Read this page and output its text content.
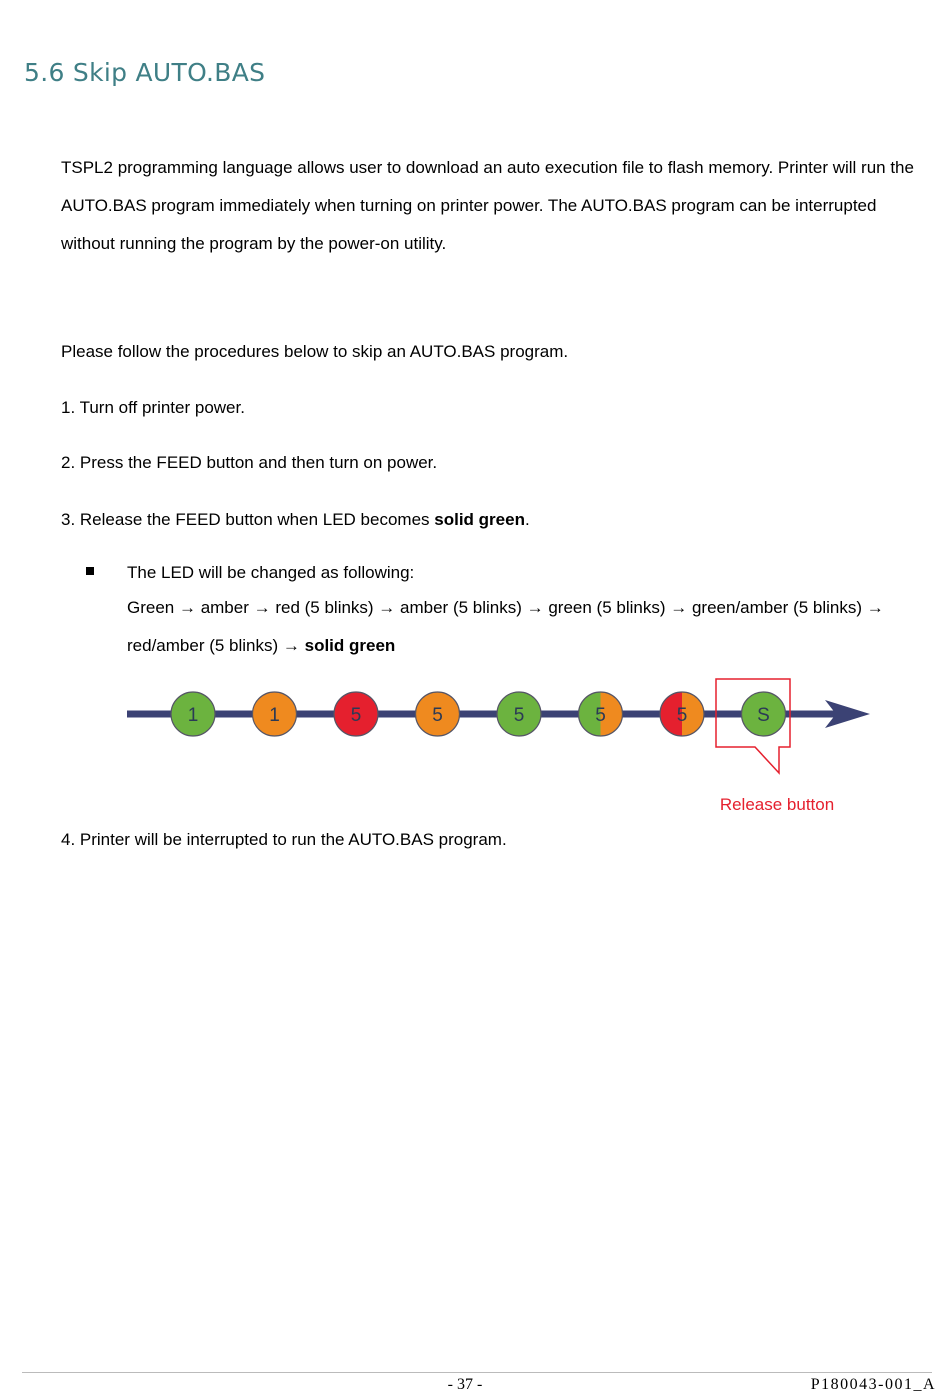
5.6 Skip AUTO.BAS

TSPL2 programming language allows user to download an auto execution file to flash memory. Printer will run the AUTO.BAS program immediately when turning on printer power. The AUTO.BAS program can be interrupted without running the program by the power-on utility.

Please follow the procedures below to skip an AUTO.BAS program.

1. Turn off printer power.

2. Press the FEED button and then turn on power.

3. Release the FEED button when LED becomes solid green.

The LED will be changed as following:
Green → amber → red (5 blinks) → amber (5 blinks) → green (5 blinks) → green/amber (5 blinks) →
red/amber (5 blinks) → solid green
1	1	5	5	5	5	5	S
Release button

4. Printer will be interrupted to run the AUTO.BAS program.

- 37 -	P180043-001_A
